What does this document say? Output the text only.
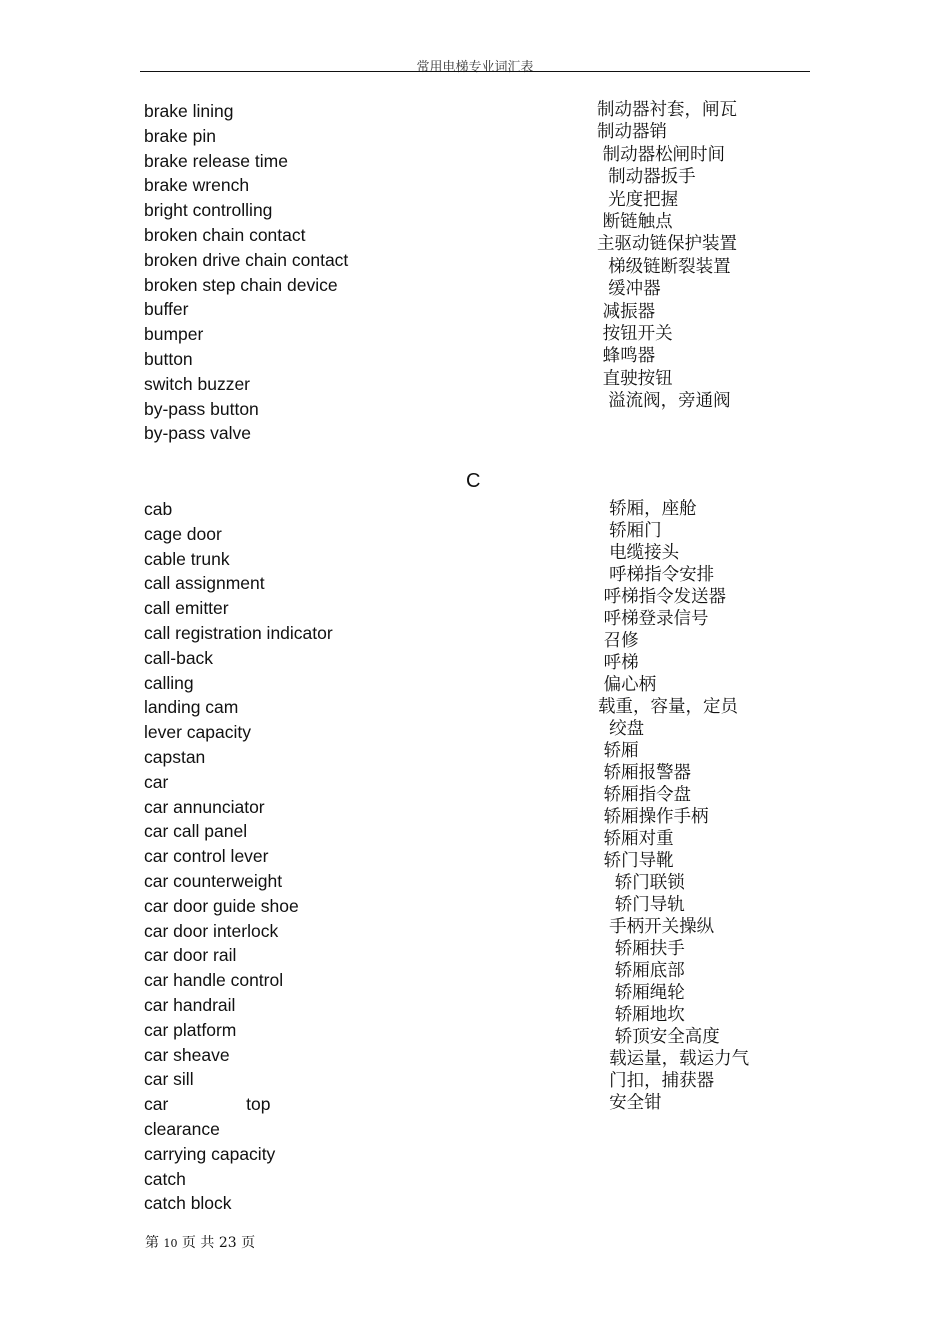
常用电梯专业词汇表
brake lining
brake pin
brake release time
brake wrench
bright controlling
broken chain contact
broken drive chain contact
broken step chain device
buffer
bumper
button
switch buzzer
by-pass button
by-pass valve
制动器衬套，闸瓦
制动器销
制动器松闸时间
制动器扳手
光度把握
断链触点
主驱动链保护装置
梯级链断裂装置
缓冲器
减振器
按钮开关
蜂鸣器
直驶按钮
溢流阀，旁通阀
C
cab
cage door
cable trunk
call assignment
call emitter
call registration indicator
call-back
calling
landing cam
lever capacity
capstan
car
car annunciator
car call panel
car control lever
car counterweight
car door guide shoe
car door interlock
car door rail
car handle control
car handrail
car platform
car sheave
car sill
car                top
clearance
carrying capacity
catch
catch block
轿厢，座舱
轿厢门
电缆接头
呼梯指令安排
呼梯指令发送器
呼梯登录信号
召修
呼梯
偏心柄
载重，容量，定员
绞盘
轿厢
轿厢报警器
轿厢指令盘
轿厢操作手柄
轿厢对重
轿门导靴
轿门联锁
轿门导轨
手柄开关操纵
轿厢扶手
轿厢底部
轿厢绳轮
轿厢地坎
轿顶安全高度
载运量，载运力气
门扣，捕获器
安全钳
第 10 页 共 23 页
